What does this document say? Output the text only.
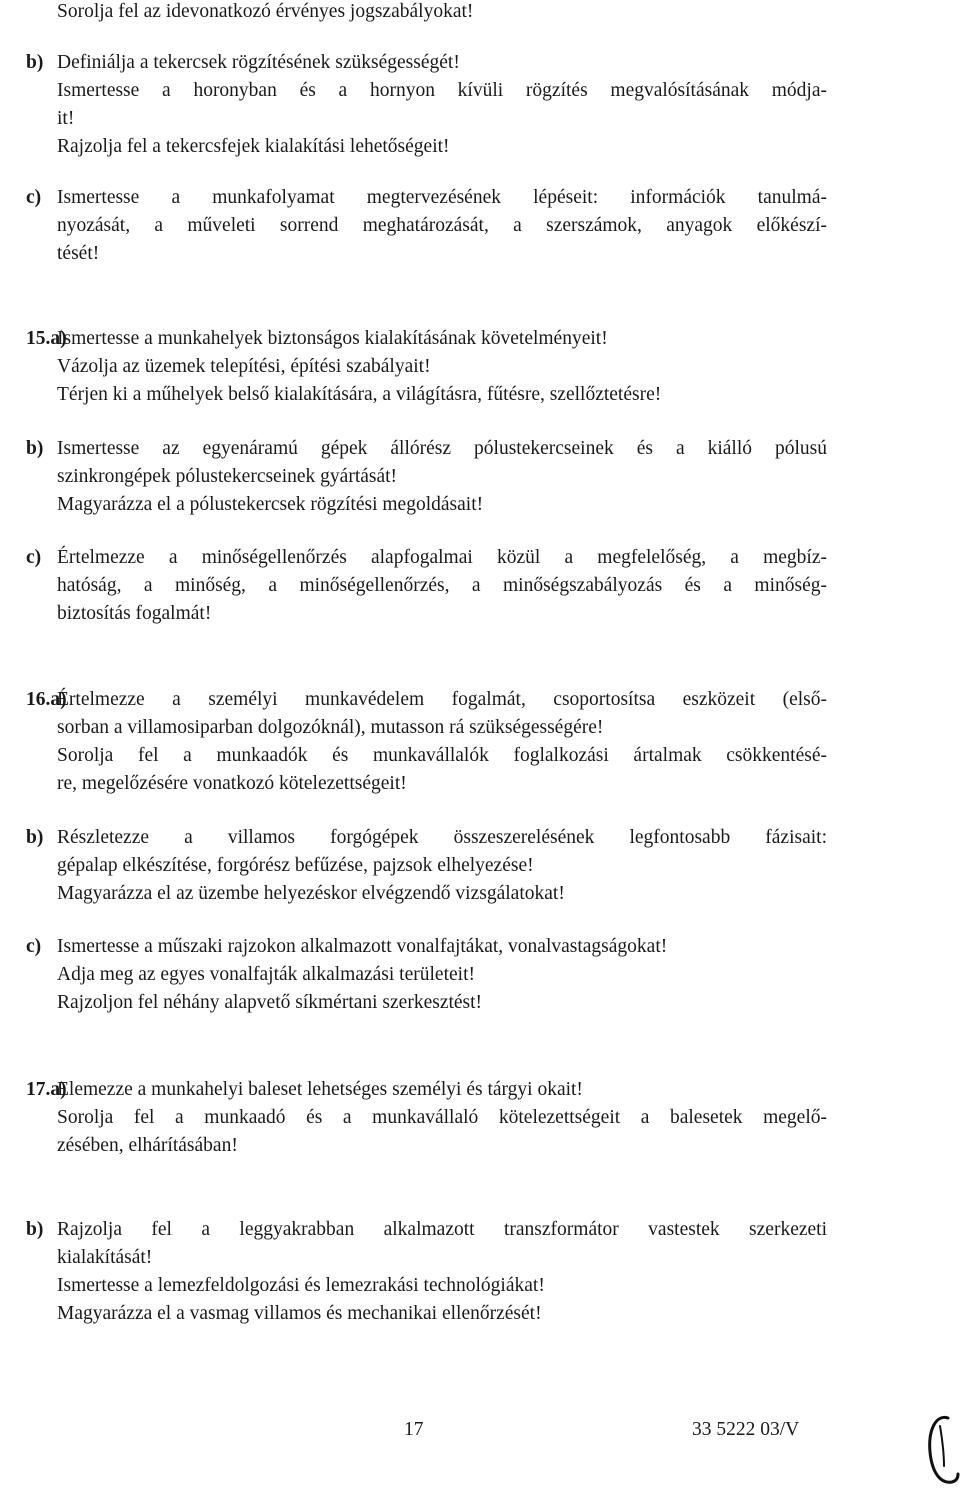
Sorolja fel az idevonatkozó érvényes jogszabályokat!
b) Definiálja a tekercsek rögzítésének szükségességét!
Ismertesse a horonyban és a hornyon kívüli rögzítés megvalósításának módja-
it!
Rajzolja fel a tekercsfejek kialakítási lehetőségeit!
c) Ismertesse a munkafolyamat megtervezésének lépéseit: információk tanulmá-
nyozását, a műveleti sorrend meghatározását, a szerszámok, anyagok előkészí-
tését!
15.a)
Ismertesse a munkahelyek biztonságos kialakításának követelményeit!
Vázolja az üzemek telepítési, építési szabályait!
Térjen ki a műhelyek belső kialakítására, a világításra, fűtésre, szellőztetésre!
b) Ismertesse az egyenáramú gépek állórész pólustekercseinek és a kiálló pólusú
szinkrongépek pólustekercseinek gyártását!
Magyarázza el a pólustekercsek rögzítési megoldásait!
c) Értelmezze a minőségellenőrzés alapfogalmai közül a megfelelőség, a megbíz-
hatóság, a minőség, a minőségellenőrzés, a minőségszabályozás és a minőség-
biztosítás fogalmát!
16.a)
Értelmezze a személyi munkavédelem fogalmát, csoportosítsa eszközeit (első-
sorban a villamosiparban dolgozóknál), mutasson rá szükségességére!
Sorolja fel a munkaadók és munkavállalók foglalkozási ártalmak csökkentésé-
re, megelőzésére vonatkozó kötelezettségeit!
b) Részletezze a villamos forgógépek összeszerelésének legfontosabb fázisait:
gépalap elkészítése, forgórész befűzése, pajzsok elhelyezése!
Magyarázza el az üzembe helyezéskor elvégzendő vizsgálatokat!
c) Ismertesse a műszaki rajzokon alkalmazott vonalfajtákat, vonalvastagságokat!
Adja meg az egyes vonalfajták alkalmazási területeit!
Rajzoljon fel néhány alapvető síkmértani szerkesztést!
17.a)
Elemezze a munkahelyi baleset lehetséges személyi és tárgyi okait!
Sorolja fel a munkaadó és a munkavállaló kötelezettségeit a balesetek megelő-
zésében, elhárításában!
b) Rajzolja fel a leggyakrabban alkalmazott transzformátor vastestek szerkezeti
kialakítását!
Ismertesse a lemezfeldolgozási és lemezrakási technológiákat!
Magyarázza el a vasmag villamos és mechanikai ellenőrzését!
17	33 5222 03/V
